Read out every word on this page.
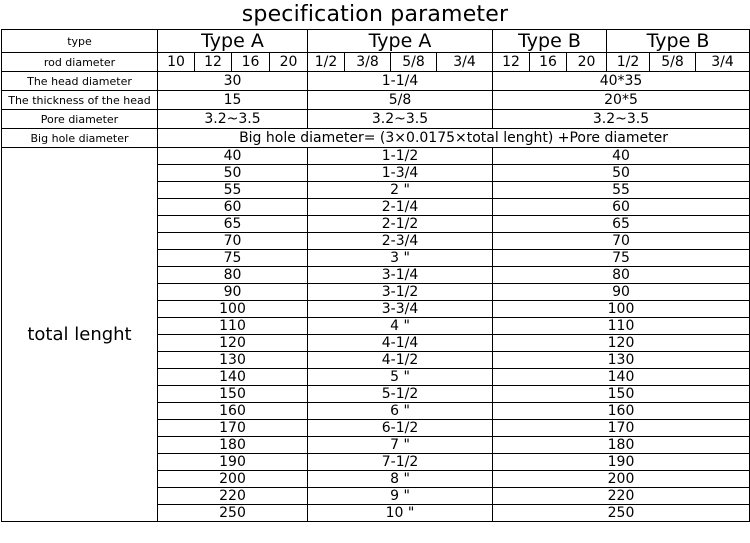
specification parameter
type	Type A				Type A				Type B			Type B		
rod diameter	10	12	16	20	1/2	3/8	5/8	3/4	12	16	20	1/2	5/8	3/4
The head diameter	30				1-1/4				40*35					
The thickness of the head	15				5/8				20*5					
Pore diameter	3.2~3.5				3.2~3.5				3.2~3.5					
Big hole diameter	Big hole diameter= (3×0.0175×total lenght) +Pore diameter													
total lenght	40				1-1/2				40					
	50				1-3/4				50					
	55				2 "				55					
	60				2-1/4				60					
	65				2-1/2				65					
	70				2-3/4				70					
	75				3 "				75					
	80				3-1/4				80					
	90				3-1/2				90					
	100				3-3/4				100					
	110				4 "				110					
	120				4-1/4				120					
	130				4-1/2				130					
	140				5 "				140					
	150				5-1/2				150					
	160				6 "				160					
	170				6-1/2				170					
	180				7 "				180					
	190				7-1/2				190					
	200				8 "				200					
	220				9 "				220					
	250				10 "				250					
